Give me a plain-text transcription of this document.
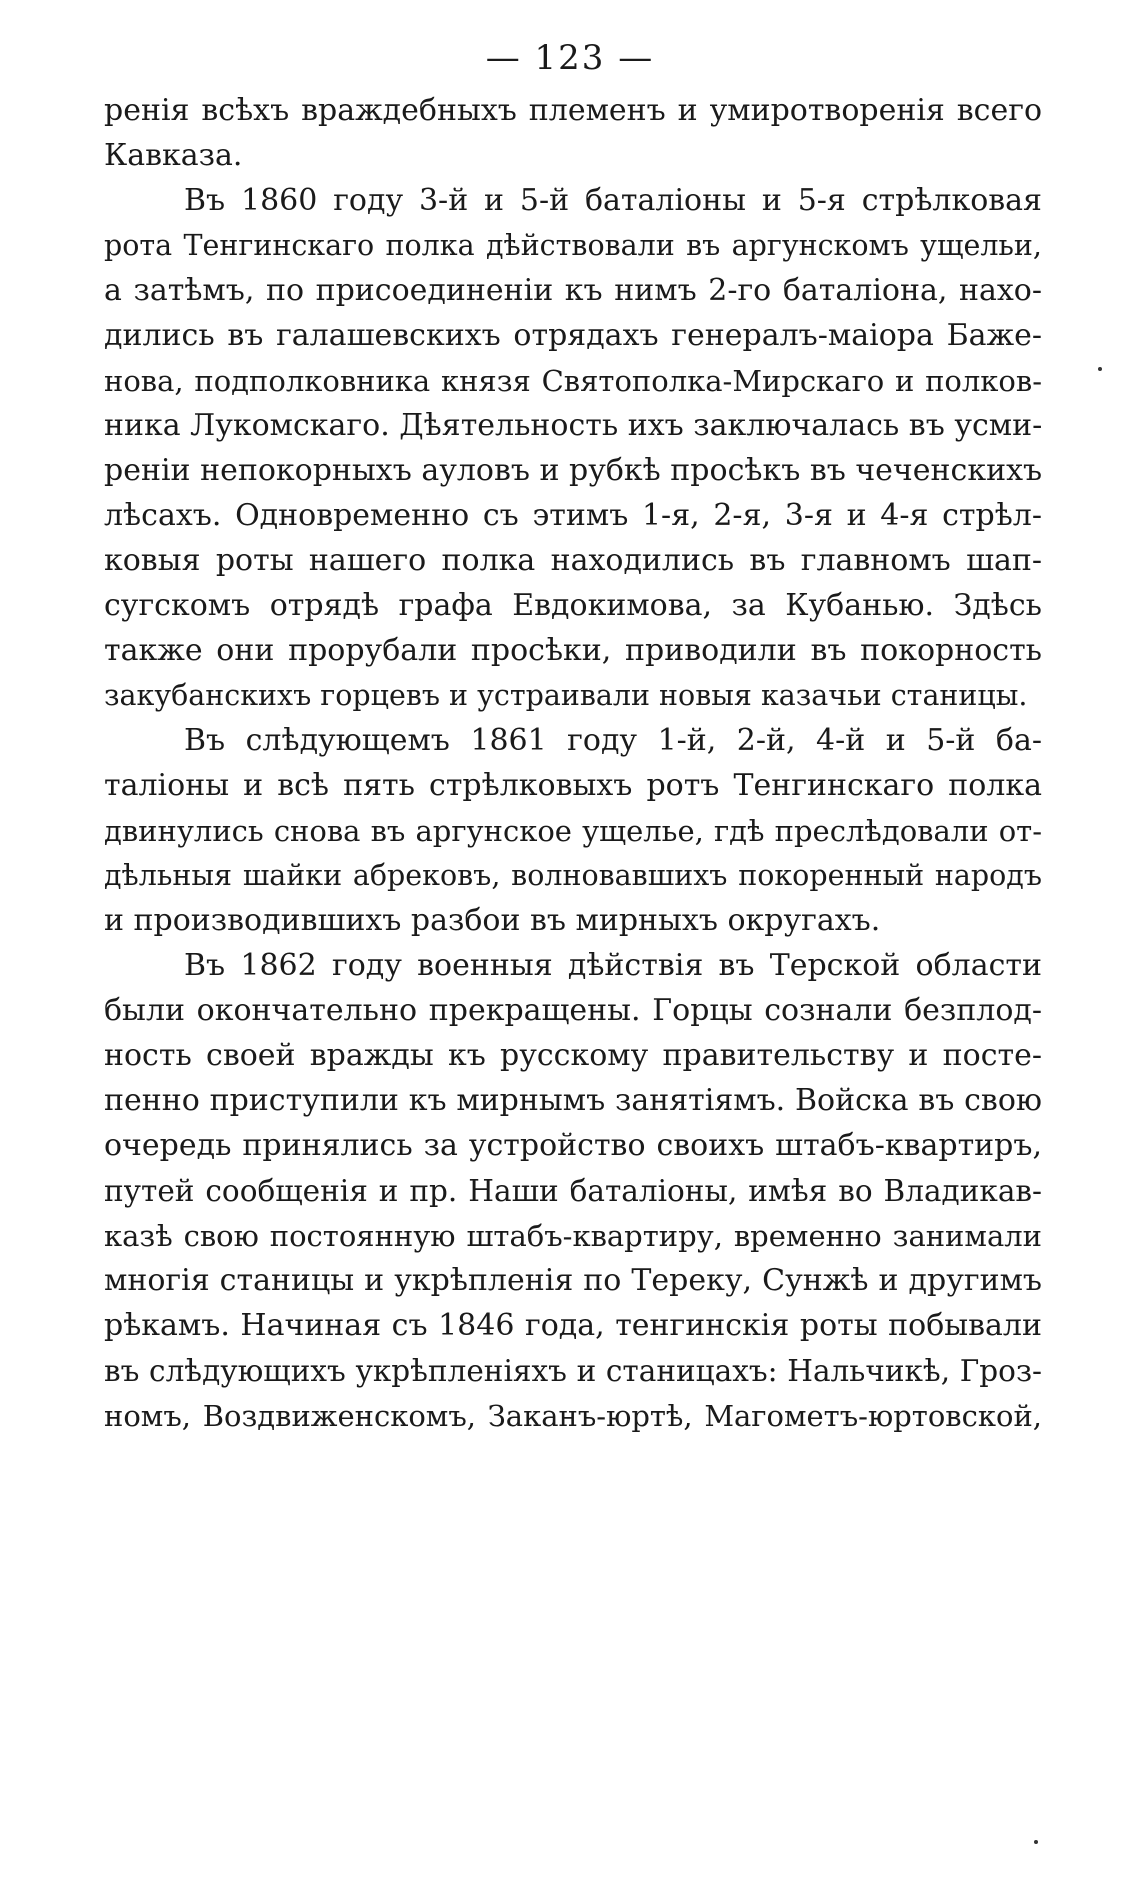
— 123 —
ренія всѣхъ враждебныхъ племенъ и умиротворенія всего
Кавказа.
Въ 1860 году 3-й и 5-й баталіоны и 5-я стрѣлковая
рота Тенгинскаго полка дѣйствовали въ аргунскомъ ущельи,
а затѣмъ, по присоединеніи къ нимъ 2-го баталіона, нахо-
дились въ галашевскихъ отрядахъ генералъ-маіора Баже-
нова, подполковника князя Святополка-Мирскаго и полков-
ника Лукомскаго. Дѣятельность ихъ заключалась въ усми-
реніи непокорныхъ ауловъ и рубкѣ просѣкъ въ чеченскихъ
лѣсахъ. Одновременно съ этимъ 1-я, 2-я, 3-я и 4-я стрѣл-
ковыя роты нашего полка находились въ главномъ шап-
сугскомъ отрядѣ графа Евдокимова, за Кубанью. Здѣсь
также они прорубали просѣки, приводили въ покорность
закубанскихъ горцевъ и устраивали новыя казачьи станицы.
Въ слѣдующемъ 1861 году 1-й, 2-й, 4-й и 5-й ба-
таліоны и всѣ пять стрѣлковыхъ ротъ Тенгинскаго полка
двинулись снова въ аргунское ущелье, гдѣ преслѣдовали от-
дѣльныя шайки абрековъ, волновавшихъ покоренный народъ
и производившихъ разбои въ мирныхъ округахъ.
Въ 1862 году военныя дѣйствія въ Терской области
были окончательно прекращены. Горцы сознали безплод-
ность своей вражды къ русскому правительству и посте-
пенно приступили къ мирнымъ занятіямъ. Войска въ свою
очередь принялись за устройство своихъ штабъ-квартиръ,
путей сообщенія и пр. Наши баталіоны, имѣя во Владикав-
казѣ свою постоянную штабъ-квартиру, временно занимали
многія станицы и укрѣпленія по Тереку, Сунжѣ и другимъ
рѣкамъ. Начиная съ 1846 года, тенгинскія роты побывали
въ слѣдующихъ укрѣпленіяхъ и станицахъ: Нальчикѣ, Гроз-
номъ, Воздвиженскомъ, Заканъ-юртѣ, Магометъ-юртовской,
